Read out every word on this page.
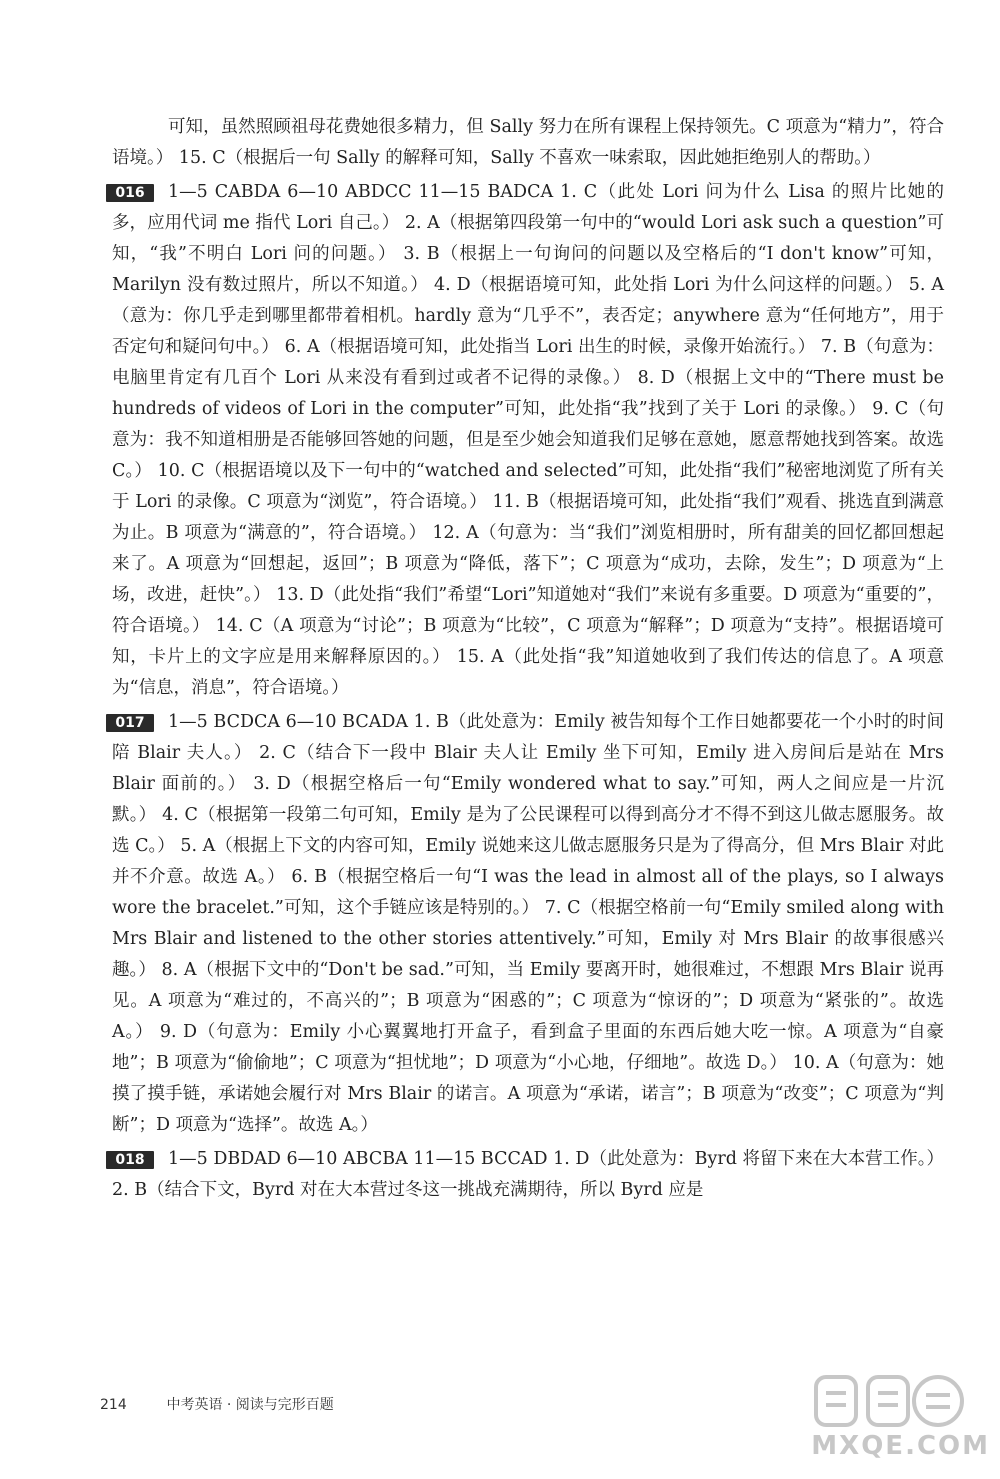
可知，虽然照顾祖母花费她很多精力，但 Sally 努力在所有课程上保持领先。C 项意为“精力”，符合语境。） 15. C（根据后一句 Sally 的解释可知，Sally 不喜欢一味索取，因此她拒绝别人的帮助。）

016	1—5 CABDA 6—10 ABDCC 11—15 BADCA 1. C（此处 Lori 问为什么 Lisa 的照片比她的多，应用代词 me 指代 Lori 自己。） 2. A（根据第四段第一句中的“would Lori ask such a question”可知，“我”不明白 Lori 问的问题。） 3. B（根据上一句询问的问题以及空格后的“I don't know”可知，Marilyn 没有数过照片，所以不知道。） 4. D（根据语境可知，此处指 Lori 为什么问这样的问题。） 5. A（意为：你几乎走到哪里都带着相机。hardly 意为“几乎不”，表否定；anywhere 意为“任何地方”，用于否定句和疑问句中。） 6. A（根据语境可知，此处指当 Lori 出生的时候，录像开始流行。） 7. B（句意为：电脑里肯定有几百个 Lori 从来没有看到过或者不记得的录像。） 8. D（根据上文中的“There must be hundreds of videos of Lori in the computer”可知，此处指“我”找到了关于 Lori 的录像。） 9. C（句意为：我不知道相册是否能够回答她的问题，但是至少她会知道我们足够在意她，愿意帮她找到答案。故选 C。） 10. C（根据语境以及下一句中的“watched and selected”可知，此处指“我们”秘密地浏览了所有关于 Lori 的录像。C 项意为“浏览”，符合语境。） 11. B（根据语境可知，此处指“我们”观看、挑选直到满意为止。B 项意为“满意的”，符合语境。） 12. A（句意为：当“我们”浏览相册时，所有甜美的回忆都回想起来了。A 项意为“回想起，返回”；B 项意为“降低，落下”；C 项意为“成功，去除，发生”；D 项意为“上场，改进，赶快”。） 13. D（此处指“我们”希望“Lori”知道她对“我们”来说有多重要。D 项意为“重要的”，符合语境。） 14. C（A 项意为“讨论”；B 项意为“比较”，C 项意为“解释”；D 项意为“支持”。根据语境可知，卡片上的文字应是用来解释原因的。） 15. A（此处指“我”知道她收到了我们传达的信息了。A 项意为“信息，消息”，符合语境。）

017	1—5 BCDCA 6—10 BCADA 1. B（此处意为：Emily 被告知每个工作日她都要花一个小时的时间陪 Blair 夫人。） 2. C（结合下一段中 Blair 夫人让 Emily 坐下可知，Emily 进入房间后是站在 Mrs Blair 面前的。） 3. D（根据空格后一句“Emily wondered what to say.”可知，两人之间应是一片沉默。） 4. C（根据第一段第二句可知，Emily 是为了公民课程可以得到高分才不得不到这儿做志愿服务。故选 C。） 5. A（根据上下文的内容可知，Emily 说她来这儿做志愿服务只是为了得高分，但 Mrs Blair 对此并不介意。故选 A。） 6. B（根据空格后一句“I was the lead in almost all of the plays, so I always wore the bracelet.”可知，这个手链应该是特别的。） 7. C（根据空格前一句“Emily smiled along with Mrs Blair and listened to the other stories attentively.”可知，Emily 对 Mrs Blair 的故事很感兴趣。） 8. A（根据下文中的“Don't be sad.”可知，当 Emily 要离开时，她很难过，不想跟 Mrs Blair 说再见。A 项意为“难过的，不高兴的”；B 项意为“困惑的”；C 项意为“惊讶的”；D 项意为“紧张的”。故选 A。） 9. D（句意为：Emily 小心翼翼地打开盒子，看到盒子里面的东西后她大吃一惊。A 项意为“自豪地”；B 项意为“偷偷地”；C 项意为“担忧地”；D 项意为“小心地，仔细地”。故选 D。） 10. A（句意为：她摸了摸手链，承诺她会履行对 Mrs Blair 的诺言。A 项意为“承诺，诺言”；B 项意为“改变”；C 项意为“判断”；D 项意为“选择”。故选 A。）

018	1—5 DBDAD 6—10 ABCBA 11—15 BCCAD 1. D（此处意为：Byrd 将留下来在大本营工作。） 2. B（结合下文，Byrd 对在大本营过冬这一挑战充满期待，所以 Byrd 应是

214	中考英语 · 阅读与完形百题
MXQE.COM
